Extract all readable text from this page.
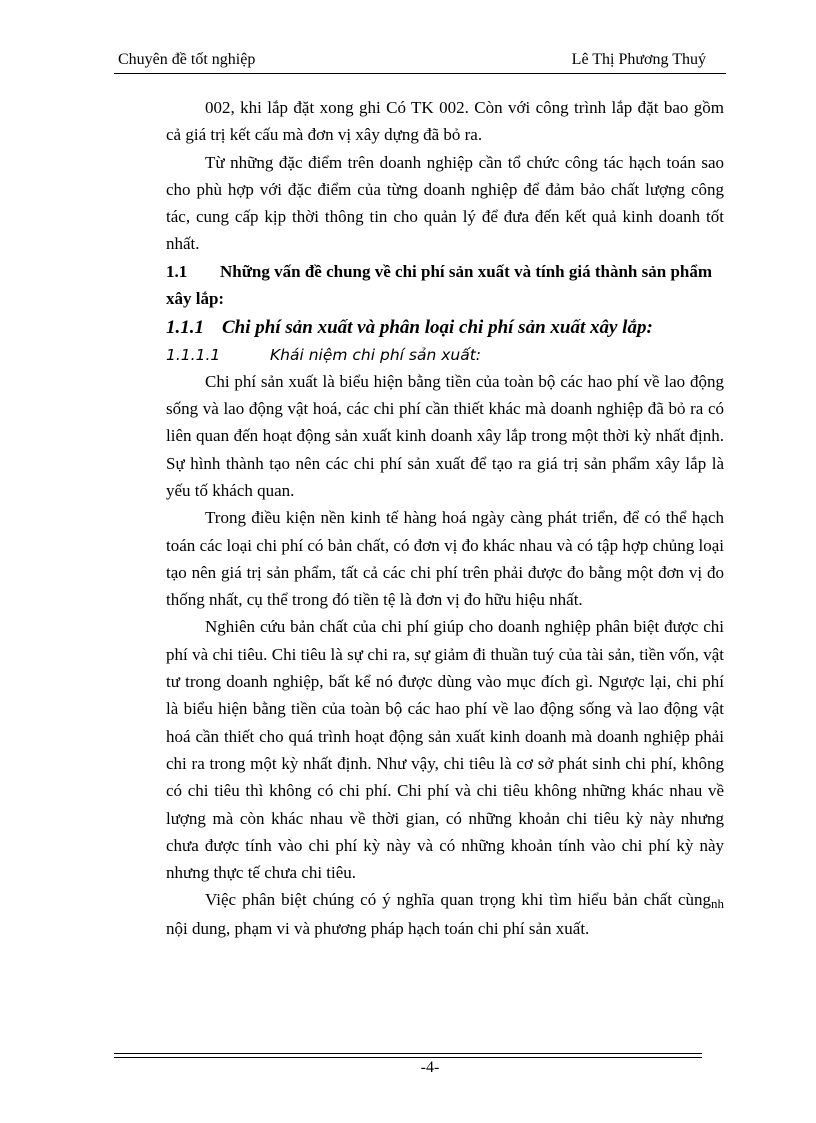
Chuyên đề tốt nghiệp	Lê Thị Phương Thuý

002, khi lắp đặt xong ghi Có TK 002. Còn với công trình lắp đặt bao gồm cả giá trị kết cấu mà đơn vị xây dựng đã bỏ ra.

Từ những đặc điểm trên doanh nghiệp cần tổ chức công tác hạch toán sao cho phù hợp với đặc điểm của từng doanh nghiệp để đảm bảo chất lượng công tác, cung cấp kịp thời thông tin cho quản lý để đưa đến kết quả kinh doanh tốt nhất.

1.1 Những vấn đề chung về chi phí sản xuất và tính giá thành sản phẩm xây lắp:

1.1.1 Chi phí sản xuất và phân loại chi phí sản xuất xây lắp:

1.1.1.1	Khái niệm chi phí sản xuất:

Chi phí sản xuất là biểu hiện bằng tiền của toàn bộ các hao phí về lao động sống và lao động vật hoá, các chi phí cần thiết khác mà doanh nghiệp đã bỏ ra có liên quan đến hoạt động sản xuất kinh doanh xây lắp trong một thời kỳ nhất định. Sự hình thành tạo nên các chi phí sản xuất để tạo ra giá trị sản phẩm xây lắp là yếu tố khách quan.

Trong điều kiện nền kinh tế hàng hoá ngày càng phát triển, để có thể hạch toán các loại chi phí có bản chất, có đơn vị đo khác nhau và có tập hợp chủng loại tạo nên giá trị sản phẩm, tất cả các chi phí trên phải được đo bằng một đơn vị đo thống nhất, cụ thể trong đó tiền tệ là đơn vị đo hữu hiệu nhất.

Nghiên cứu bản chất của chi phí giúp cho doanh nghiệp phân biệt được chi phí và chi tiêu. Chi tiêu là sự chi ra, sự giảm đi thuần tuý của tài sản, tiền vốn, vật tư trong doanh nghiệp, bất kể nó được dùng vào mục đích gì. Ngược lại, chi phí là biểu hiện bằng tiền của toàn bộ các hao phí về lao động sống và lao động vật hoá cần thiết cho quá trình hoạt động sản xuất kinh doanh mà doanh nghiệp phải chi ra trong một kỳ nhất định. Như vậy, chi tiêu là cơ sở phát sinh chi phí, không có chi tiêu thì không có chi phí. Chi phí và chi tiêu không những khác nhau về lượng mà còn khác nhau về thời gian, có những khoản chi tiêu kỳ này nhưng chưa được tính vào chi phí kỳ này và có những khoản tính vào chi phí kỳ này nhưng thực tế chưa chi tiêu.

Việc phân biệt chúng có ý nghĩa quan trọng khi tìm hiểu bản chất cùngnh nội dung, phạm vi và phương pháp hạch toán chi phí sản xuất.

-4-
